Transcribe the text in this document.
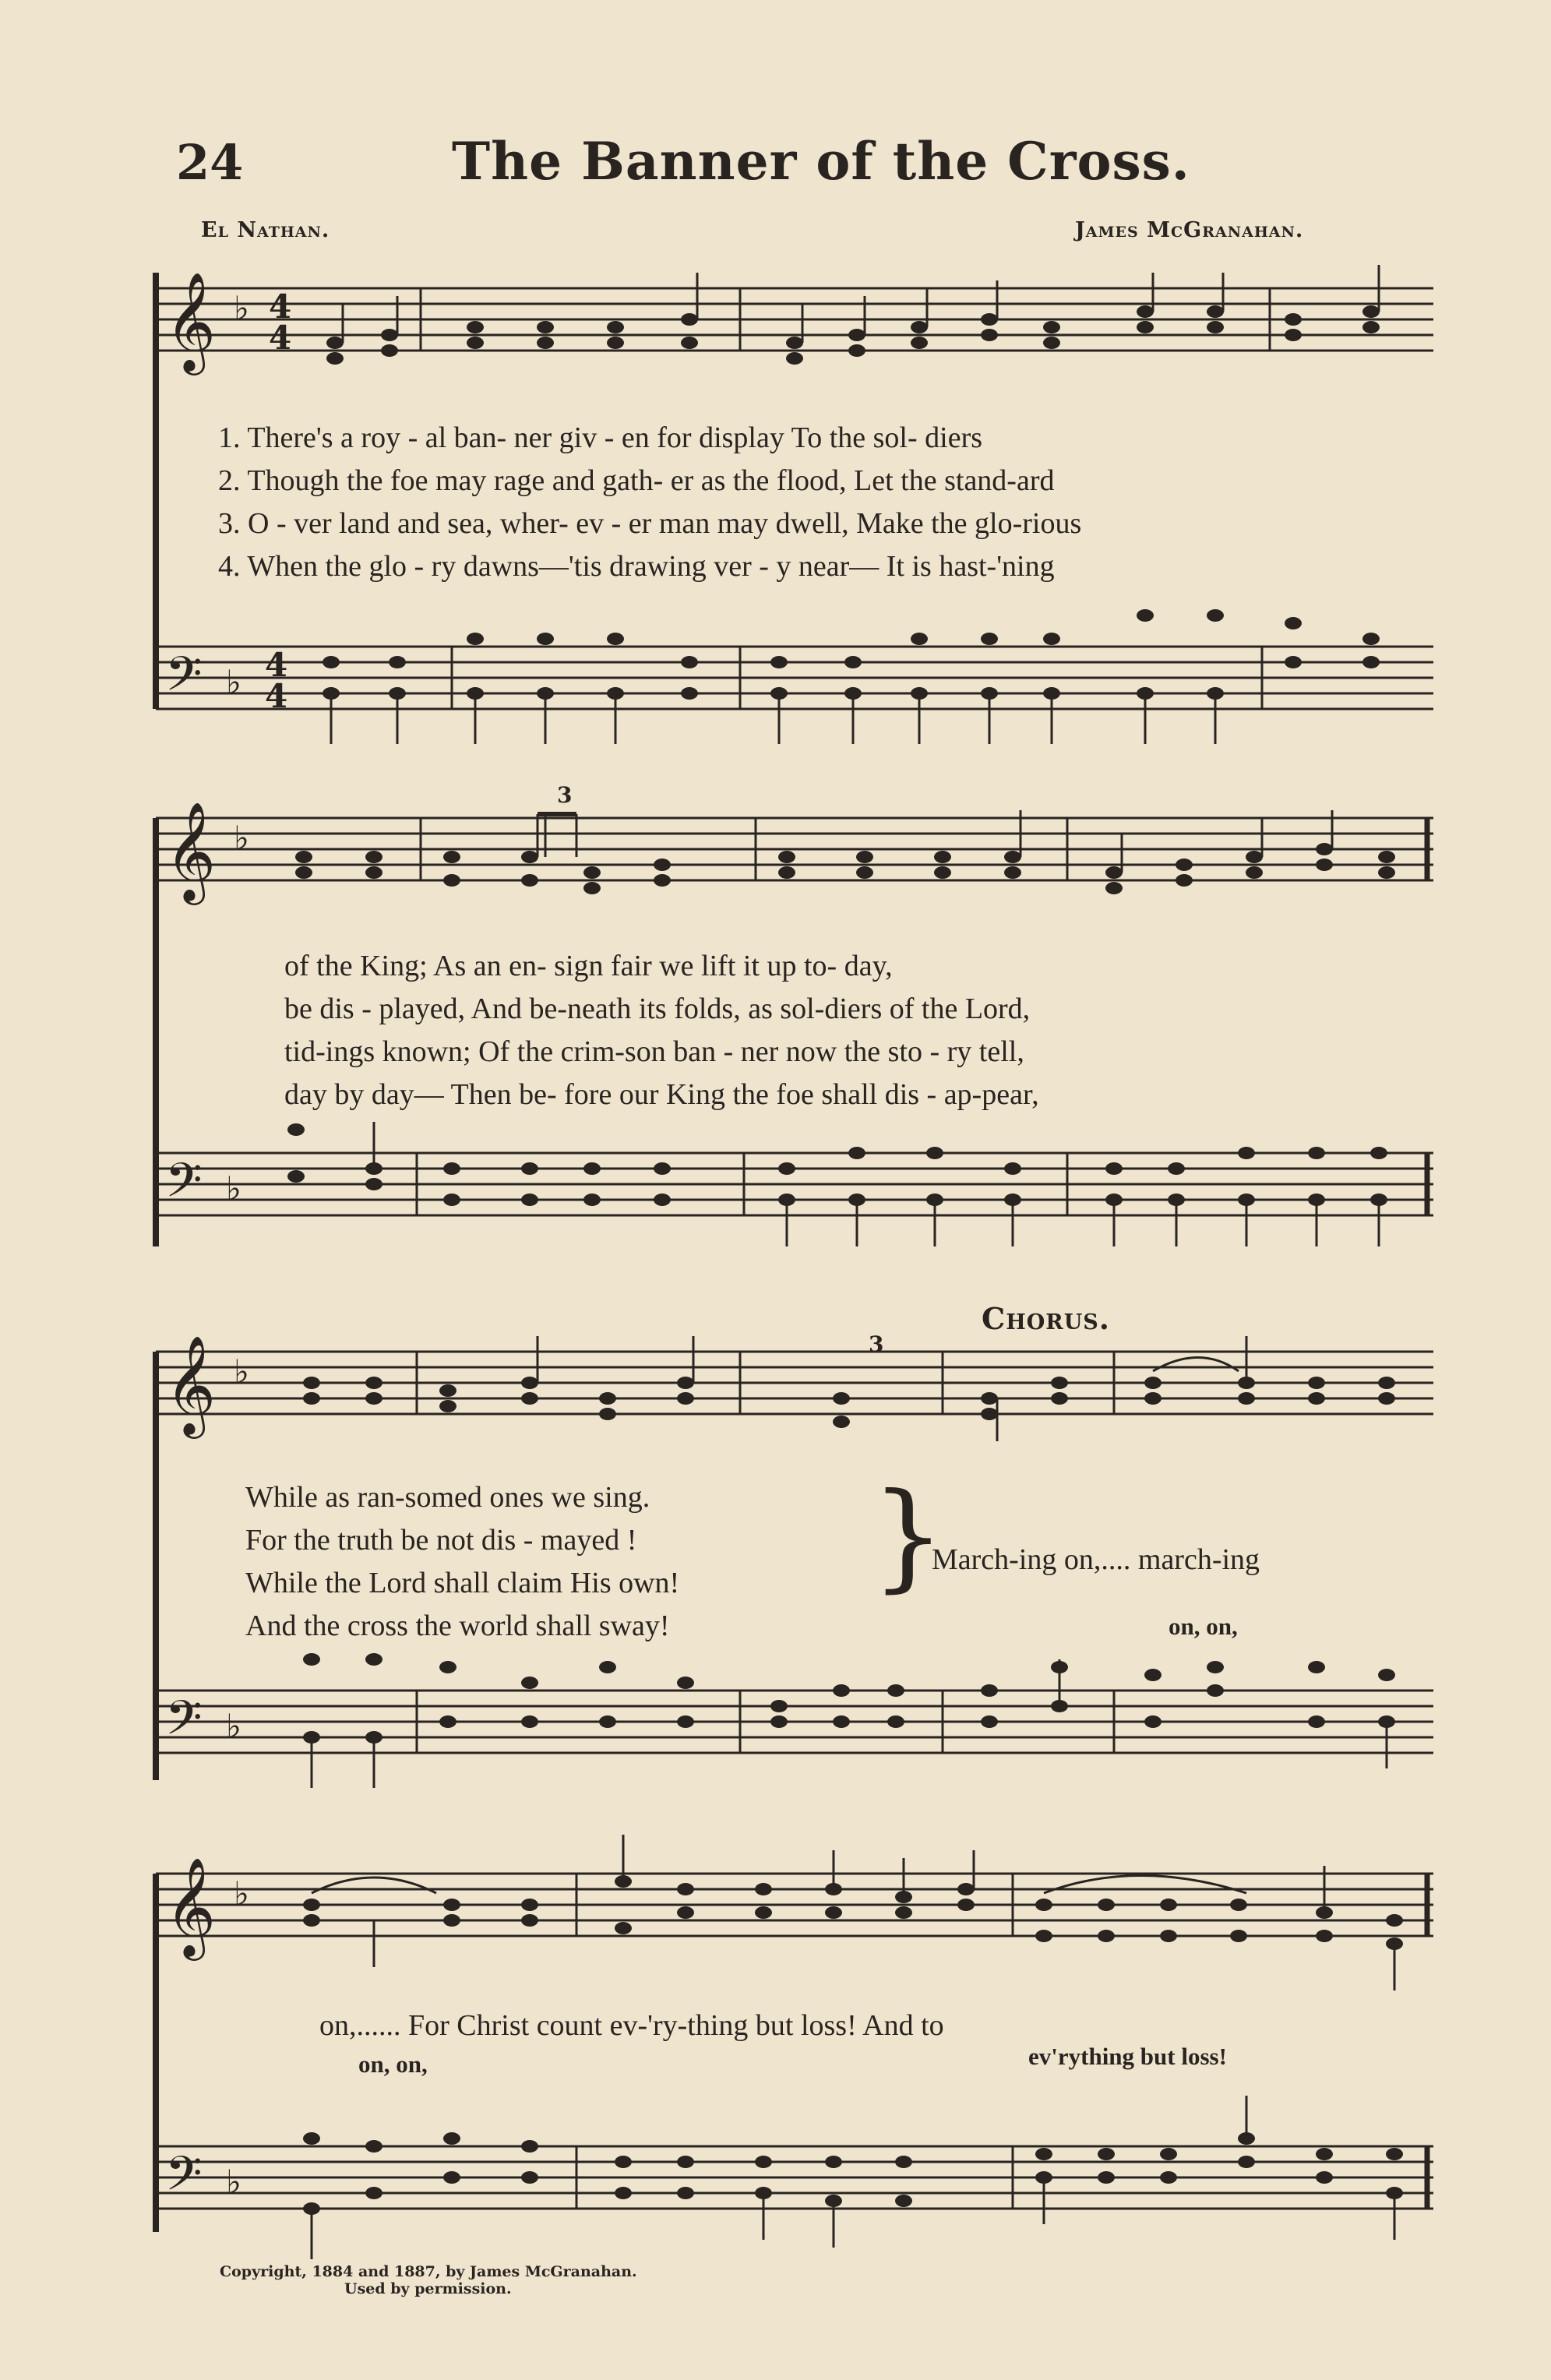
24	The Banner of the Cross.
El Nathan.	James McGranahan.
𝄞 ♭ 4
4
1. There's a roy - al ban- ner giv - en for display To the sol- diers
2. Though the foe may rage and gath- er as the flood, Let the stand-ard
3. O - ver land and sea, wher- ev - er man may dwell, Make the glo-rious
4. When the glo - ry dawns—'tis drawing ver - y near— It is hast-'ning
𝄢 ♭ 4
4
𝄞 ♭
3
of the King; As an en- sign fair we lift it up to- day,
be dis - played, And be-neath its folds, as sol-diers of the Lord,
tid-ings known; Of the crim-son ban - ner now the sto - ry tell,
day by day— Then be- fore our King the foe shall dis - ap-pear,
𝄢 ♭
Chorus.
𝄞 ♭
3
While as ran-somed ones we sing.
For the truth be not dis - mayed !
While the Lord shall claim His own!
And the cross the world shall sway!
}
March-ing on,.... march-ing
on, on,
𝄢 ♭
𝄞 ♭
on,...... For Christ count ev-'ry-thing but loss! And to
on, on,	ev'rything but loss!
𝄢 ♭
Copyright, 1884 and 1887, by James McGranahan.
Used by permission.
